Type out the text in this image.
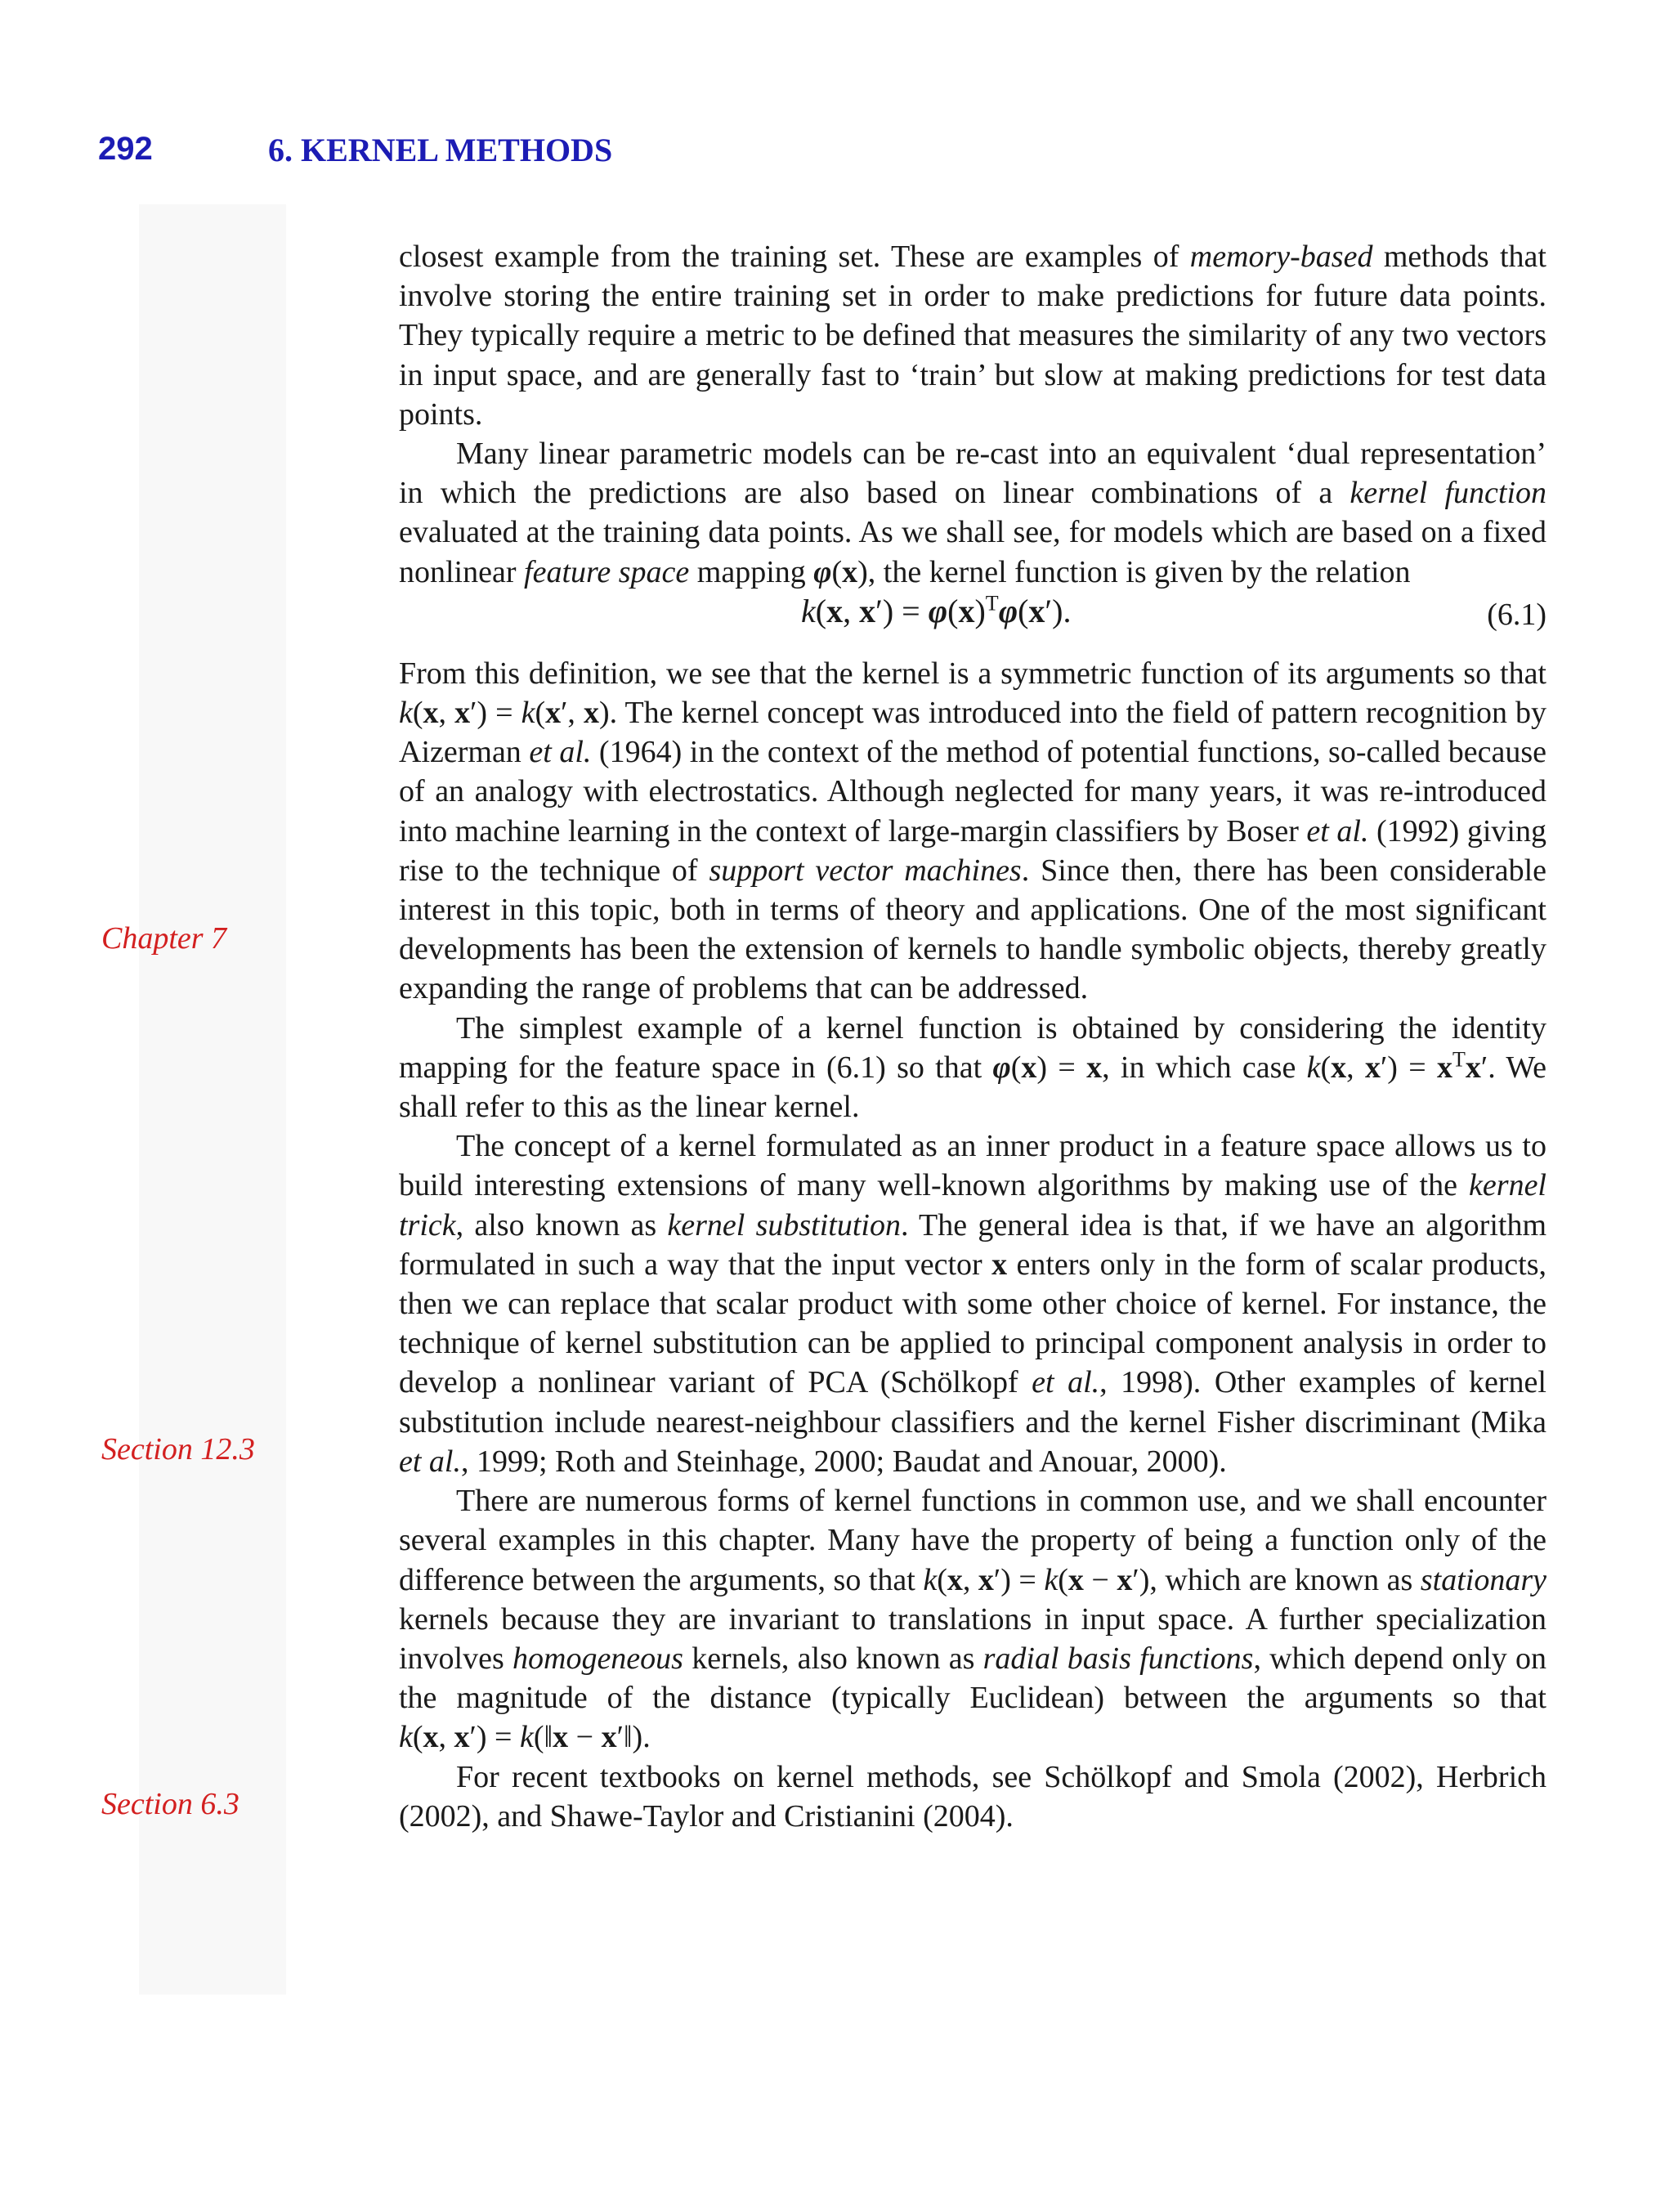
292	6. KERNEL METHODS
Chapter 7
Section 12.3
Section 6.3

closest example from the training set. These are examples of memory-based methods that involve storing the entire training set in order to make predictions for future data points. They typically require a metric to be defined that measures the similarity of any two vectors in input space, and are generally fast to ‘train’ but slow at making predictions for test data points.

Many linear parametric models can be re-cast into an equivalent ‘dual representation’ in which the predictions are also based on linear combinations of a kernel function evaluated at the training data points. As we shall see, for models which are based on a fixed nonlinear feature space mapping φ(x), the kernel function is given by the relation

k(x, $x') = \varphi(x)^T\varphi(x')$.	(6.1)

From this definition, we see that the kernel is a symmetric function of its arguments so that k(x, x′) = k(x′, x). The kernel concept was introduced into the field of pattern recognition by Aizerman et al. (1964) in the context of the method of potential functions, so-called because of an analogy with electrostatics. Although neglected for many years, it was re-introduced into machine learning in the context of large-margin classifiers by Boser et al. (1992) giving rise to the technique of support vector machines. Since then, there has been considerable interest in this topic, both in terms of theory and applications. One of the most significant developments has been the extension of kernels to handle symbolic objects, thereby greatly expanding the range of problems that can be addressed.

The simplest example of a kernel function is obtained by considering the identity mapping for the feature space in (6.1) so that φ(x) = x, in which case k(x, $x') = x^Tx'$. We shall refer to this as the linear kernel.

The concept of a kernel formulated as an inner product in a feature space allows us to build interesting extensions of many well-known algorithms by making use of the kernel trick, also known as kernel substitution. The general idea is that, if we have an algorithm formulated in such a way that the input vector x enters only in the form of scalar products, then we can replace that scalar product with some other choice of kernel. For instance, the technique of kernel substitution can be applied to principal component analysis in order to develop a nonlinear variant of PCA (Schölkopf et al., 1998). Other examples of kernel substitution include nearest-neighbour classifiers and the kernel Fisher discriminant (Mika et al., 1999; Roth and Steinhage, 2000; Baudat and Anouar, 2000).

There are numerous forms of kernel functions in common use, and we shall encounter several examples in this chapter. Many have the property of being a function only of the difference between the arguments, so that k(x, x′) = k(x − x′), which are known as stationary kernels because they are invariant to translations in input space. A further specialization involves homogeneous kernels, also known as radial basis functions, which depend only on the magnitude of the distance (typically Euclidean) between the arguments so that k(x, x′) = k(‖x − x′‖).

For recent textbooks on kernel methods, see Schölkopf and Smola (2002), Herbrich (2002), and Shawe-Taylor and Cristianini (2004).
